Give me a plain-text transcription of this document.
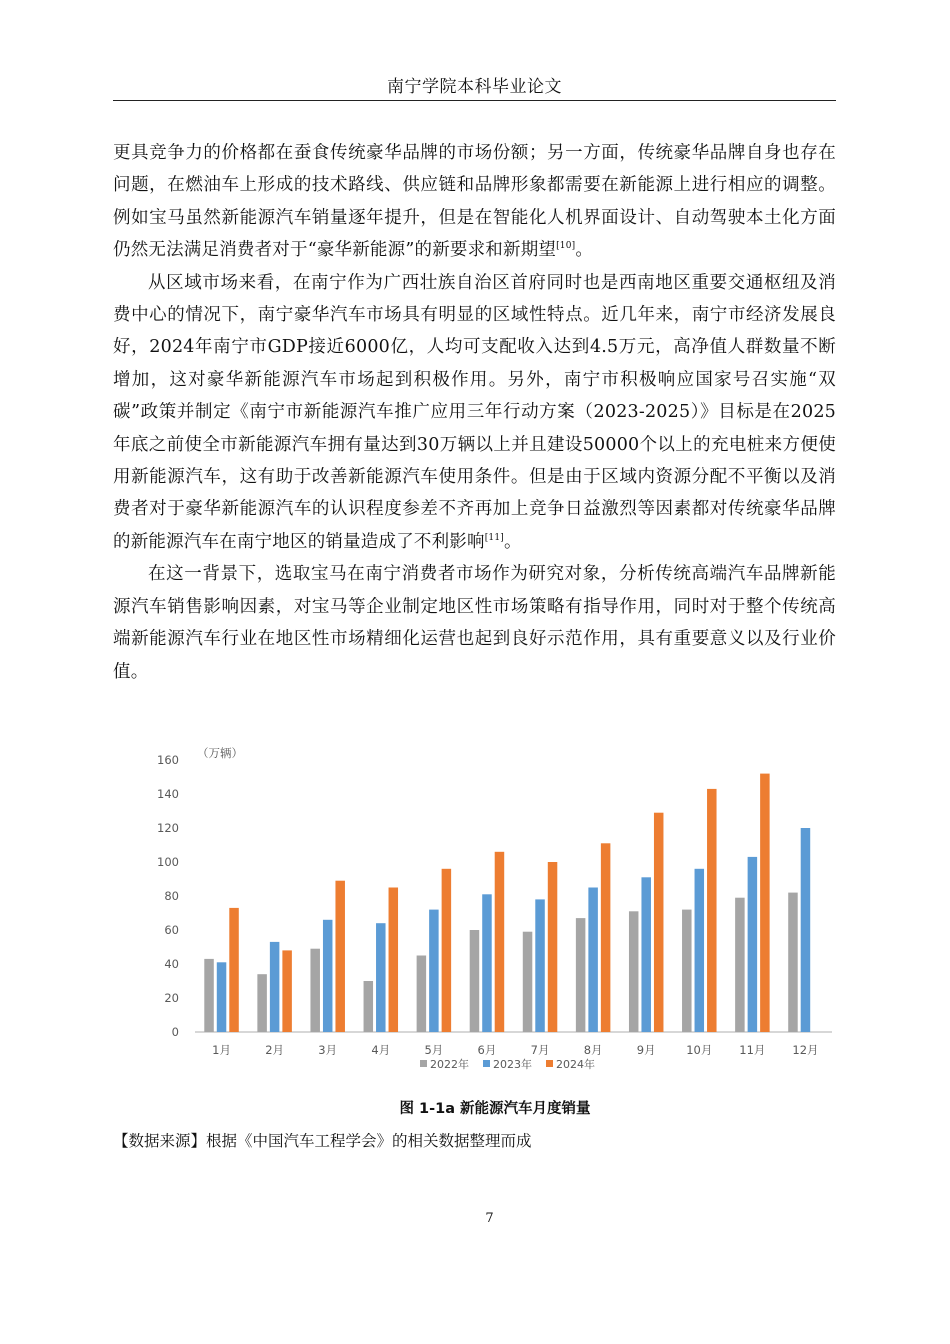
南宁学院本科毕业论文

更具竞争力的价格都在蚕食传统豪华品牌的市场份额；另一方面，传统豪华品牌自身也存在问题，在燃油车上形成的技术路线、供应链和品牌形象都需要在新能源上进行相应的调整。例如宝马虽然新能源汽车销量逐年提升，但是在智能化人机界面设计、自动驾驶本土化方面仍然无法满足消费者对于“豪华新能源”的新要求和新期望[10]。

从区域市场来看，在南宁作为广西壮族自治区首府同时也是西南地区重要交通枢纽及消费中心的情况下，南宁豪华汽车市场具有明显的区域性特点。近几年来，南宁市经济发展良好，2024年南宁市GDP接近6000亿，人均可支配收入达到4.5万元，高净值人群数量不断增加，这对豪华新能源汽车市场起到积极作用。另外，南宁市积极响应国家号召实施“双碳”政策并制定《南宁市新能源汽车推广应用三年行动方案（2023-2025）》目标是在2025年底之前使全市新能源汽车拥有量达到30万辆以上并且建设50000个以上的充电桩来方便使用新能源汽车，这有助于改善新能源汽车使用条件。但是由于区域内资源分配不平衡以及消费者对于豪华新能源汽车的认识程度参差不齐再加上竞争日益激烈等因素都对传统豪华品牌的新能源汽车在南宁地区的销量造成了不利影响[11]。

在这一背景下，选取宝马在南宁消费者市场作为研究对象，分析传统高端汽车品牌新能源汽车销售影响因素，对宝马等企业制定地区性市场策略有指导作用，同时对于整个传统高端新能源汽车行业在地区性市场精细化运营也起到良好示范作用，具有重要意义以及行业价值。

（万辆）
0
20
40
60
80
100
120
140
160
1月	2月	3月	4月	5月	6月	7月	8月	9月	10月 11月 12月
2022年 2023年 2024年
图 1-1a 新能源汽车月度销量
【数据来源】根据《中国汽车工程学会》的相关数据整理而成
7
